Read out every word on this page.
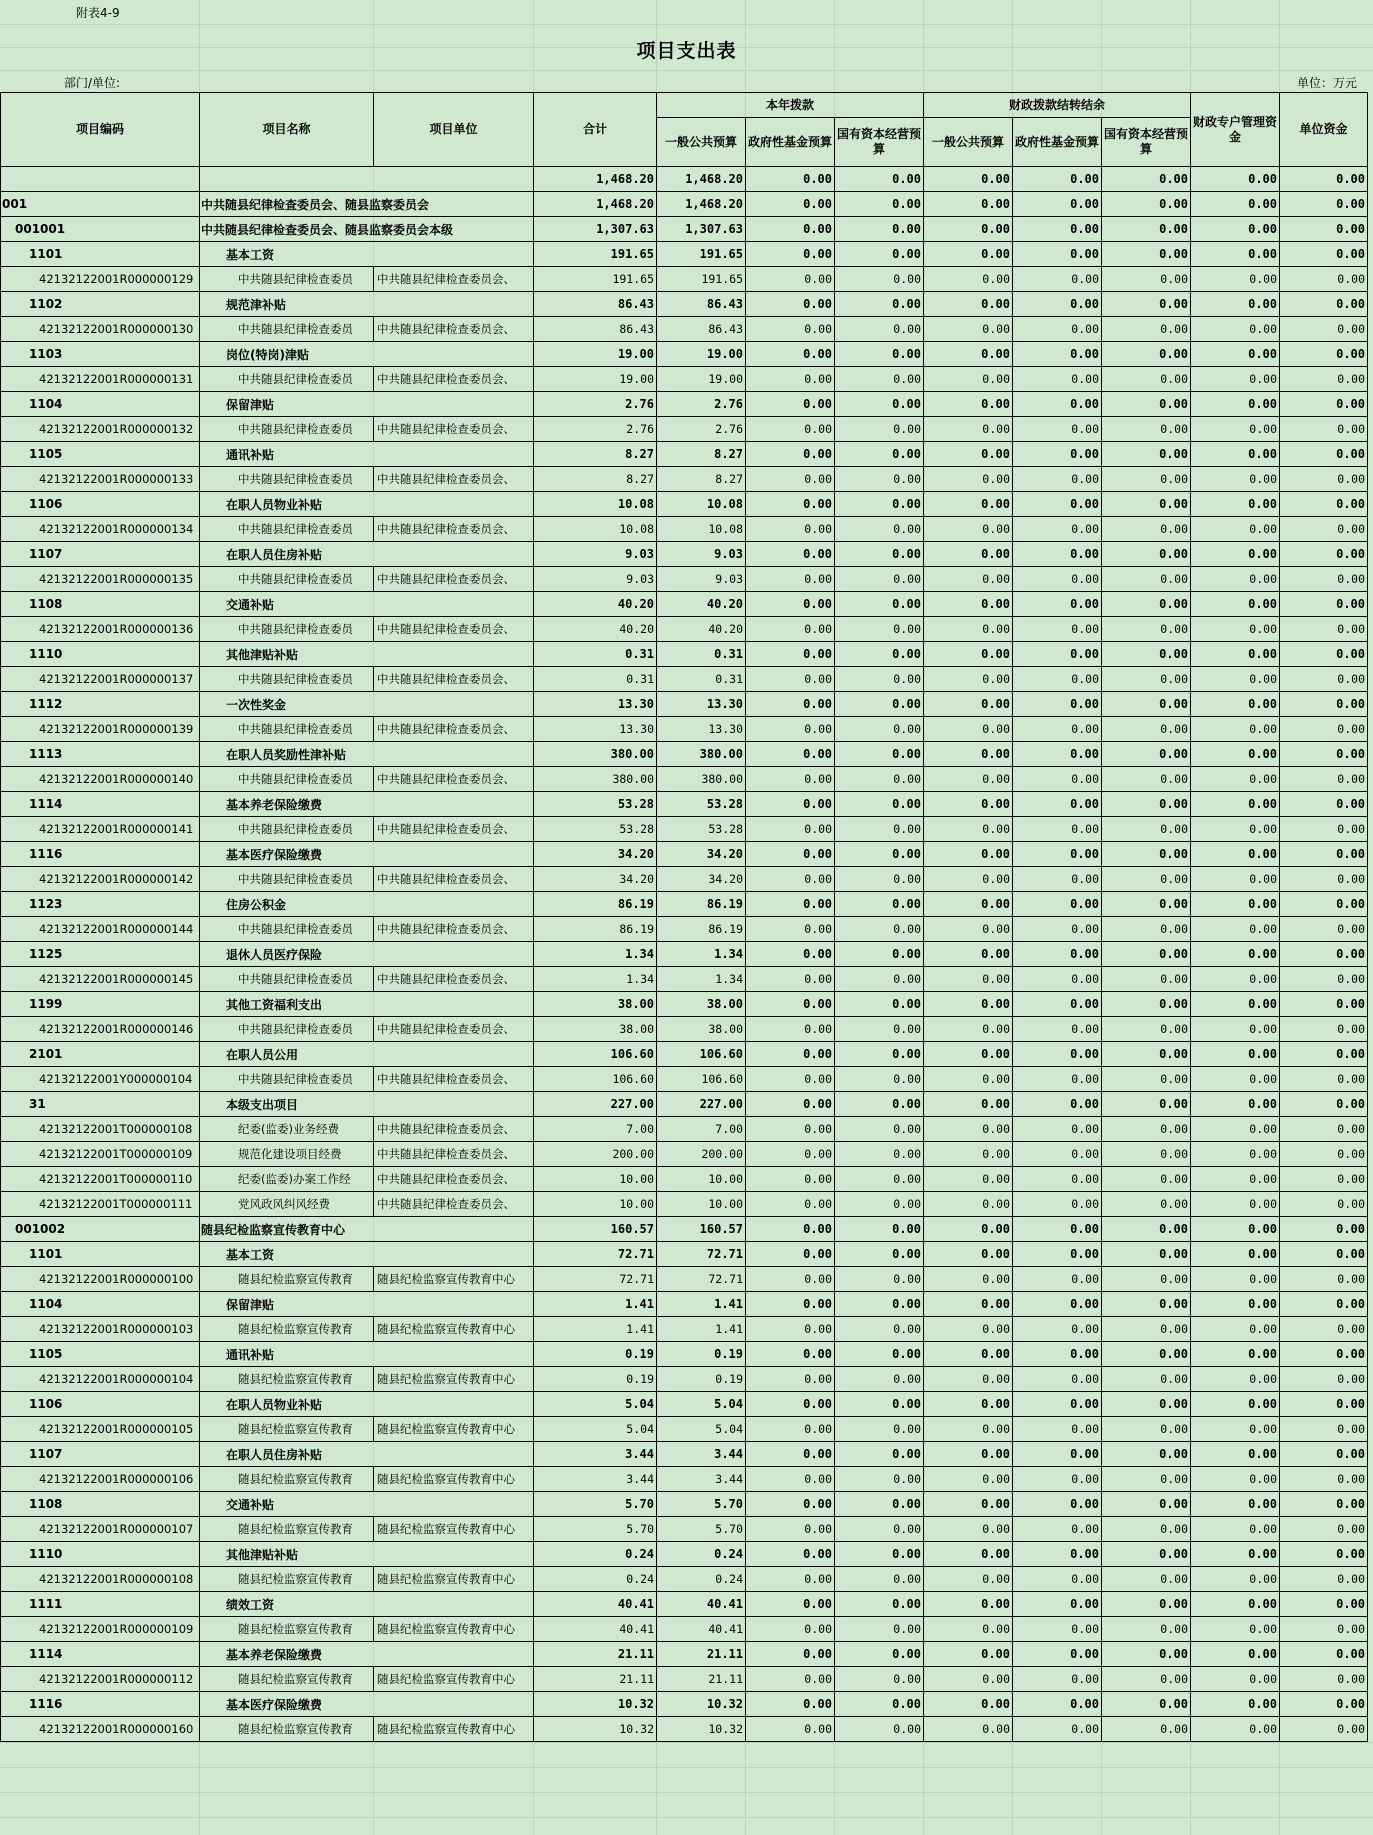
附表4-9
项目支出表
部门/单位:	单位：万元
项目编码	项目名称	项目单位	合计	本年拨款			财政拨款结转结余			财政专户管理资金	单位资金
				一般公共预算	政府性基金预算	国有资本经营预算	一般公共预算	政府性基金预算	国有资本经营预算		
			1,468.20	1,468.20	0.00	0.00	0.00	0.00	0.00	0.00	0.00
001	中共随县纪律检查委员会、随县监察委员会		1,468.20	1,468.20	0.00	0.00	0.00	0.00	0.00	0.00	0.00
001001	中共随县纪律检查委员会、随县监察委员会本级		1,307.63	1,307.63	0.00	0.00	0.00	0.00	0.00	0.00	0.00
1101	基本工资		191.65	191.65	0.00	0.00	0.00	0.00	0.00	0.00	0.00
42132122001R000000129	中共随县纪律检查委员	中共随县纪律检查委员会、	191.65	191.65	0.00	0.00	0.00	0.00	0.00	0.00	0.00
1102	规范津补贴		86.43	86.43	0.00	0.00	0.00	0.00	0.00	0.00	0.00
42132122001R000000130	中共随县纪律检查委员	中共随县纪律检查委员会、	86.43	86.43	0.00	0.00	0.00	0.00	0.00	0.00	0.00
1103	岗位(特岗)津贴		19.00	19.00	0.00	0.00	0.00	0.00	0.00	0.00	0.00
42132122001R000000131	中共随县纪律检查委员	中共随县纪律检查委员会、	19.00	19.00	0.00	0.00	0.00	0.00	0.00	0.00	0.00
1104	保留津贴		2.76	2.76	0.00	0.00	0.00	0.00	0.00	0.00	0.00
42132122001R000000132	中共随县纪律检查委员	中共随县纪律检查委员会、	2.76	2.76	0.00	0.00	0.00	0.00	0.00	0.00	0.00
1105	通讯补贴		8.27	8.27	0.00	0.00	0.00	0.00	0.00	0.00	0.00
42132122001R000000133	中共随县纪律检查委员	中共随县纪律检查委员会、	8.27	8.27	0.00	0.00	0.00	0.00	0.00	0.00	0.00
1106	在职人员物业补贴		10.08	10.08	0.00	0.00	0.00	0.00	0.00	0.00	0.00
42132122001R000000134	中共随县纪律检查委员	中共随县纪律检查委员会、	10.08	10.08	0.00	0.00	0.00	0.00	0.00	0.00	0.00
1107	在职人员住房补贴		9.03	9.03	0.00	0.00	0.00	0.00	0.00	0.00	0.00
42132122001R000000135	中共随县纪律检查委员	中共随县纪律检查委员会、	9.03	9.03	0.00	0.00	0.00	0.00	0.00	0.00	0.00
1108	交通补贴		40.20	40.20	0.00	0.00	0.00	0.00	0.00	0.00	0.00
42132122001R000000136	中共随县纪律检查委员	中共随县纪律检查委员会、	40.20	40.20	0.00	0.00	0.00	0.00	0.00	0.00	0.00
1110	其他津贴补贴		0.31	0.31	0.00	0.00	0.00	0.00	0.00	0.00	0.00
42132122001R000000137	中共随县纪律检查委员	中共随县纪律检查委员会、	0.31	0.31	0.00	0.00	0.00	0.00	0.00	0.00	0.00
1112	一次性奖金		13.30	13.30	0.00	0.00	0.00	0.00	0.00	0.00	0.00
42132122001R000000139	中共随县纪律检查委员	中共随县纪律检查委员会、	13.30	13.30	0.00	0.00	0.00	0.00	0.00	0.00	0.00
1113	在职人员奖励性津补贴		380.00	380.00	0.00	0.00	0.00	0.00	0.00	0.00	0.00
42132122001R000000140	中共随县纪律检查委员	中共随县纪律检查委员会、	380.00	380.00	0.00	0.00	0.00	0.00	0.00	0.00	0.00
1114	基本养老保险缴费		53.28	53.28	0.00	0.00	0.00	0.00	0.00	0.00	0.00
42132122001R000000141	中共随县纪律检查委员	中共随县纪律检查委员会、	53.28	53.28	0.00	0.00	0.00	0.00	0.00	0.00	0.00
1116	基本医疗保险缴费		34.20	34.20	0.00	0.00	0.00	0.00	0.00	0.00	0.00
42132122001R000000142	中共随县纪律检查委员	中共随县纪律检查委员会、	34.20	34.20	0.00	0.00	0.00	0.00	0.00	0.00	0.00
1123	住房公积金		86.19	86.19	0.00	0.00	0.00	0.00	0.00	0.00	0.00
42132122001R000000144	中共随县纪律检查委员	中共随县纪律检查委员会、	86.19	86.19	0.00	0.00	0.00	0.00	0.00	0.00	0.00
1125	退休人员医疗保险		1.34	1.34	0.00	0.00	0.00	0.00	0.00	0.00	0.00
42132122001R000000145	中共随县纪律检查委员	中共随县纪律检查委员会、	1.34	1.34	0.00	0.00	0.00	0.00	0.00	0.00	0.00
1199	其他工资福利支出		38.00	38.00	0.00	0.00	0.00	0.00	0.00	0.00	0.00
42132122001R000000146	中共随县纪律检查委员	中共随县纪律检查委员会、	38.00	38.00	0.00	0.00	0.00	0.00	0.00	0.00	0.00
2101	在职人员公用		106.60	106.60	0.00	0.00	0.00	0.00	0.00	0.00	0.00
42132122001Y000000104	中共随县纪律检查委员	中共随县纪律检查委员会、	106.60	106.60	0.00	0.00	0.00	0.00	0.00	0.00	0.00
31	本级支出项目		227.00	227.00	0.00	0.00	0.00	0.00	0.00	0.00	0.00
42132122001T000000108	纪委(监委)业务经费	中共随县纪律检查委员会、	7.00	7.00	0.00	0.00	0.00	0.00	0.00	0.00	0.00
42132122001T000000109	规范化建设项目经费	中共随县纪律检查委员会、	200.00	200.00	0.00	0.00	0.00	0.00	0.00	0.00	0.00
42132122001T000000110	纪委(监委)办案工作经	中共随县纪律检查委员会、	10.00	10.00	0.00	0.00	0.00	0.00	0.00	0.00	0.00
42132122001T000000111	党风政风纠风经费	中共随县纪律检查委员会、	10.00	10.00	0.00	0.00	0.00	0.00	0.00	0.00	0.00
001002	随县纪检监察宣传教育中心		160.57	160.57	0.00	0.00	0.00	0.00	0.00	0.00	0.00
1101	基本工资		72.71	72.71	0.00	0.00	0.00	0.00	0.00	0.00	0.00
42132122001R000000100	随县纪检监察宣传教育	随县纪检监察宣传教育中心	72.71	72.71	0.00	0.00	0.00	0.00	0.00	0.00	0.00
1104	保留津贴		1.41	1.41	0.00	0.00	0.00	0.00	0.00	0.00	0.00
42132122001R000000103	随县纪检监察宣传教育	随县纪检监察宣传教育中心	1.41	1.41	0.00	0.00	0.00	0.00	0.00	0.00	0.00
1105	通讯补贴		0.19	0.19	0.00	0.00	0.00	0.00	0.00	0.00	0.00
42132122001R000000104	随县纪检监察宣传教育	随县纪检监察宣传教育中心	0.19	0.19	0.00	0.00	0.00	0.00	0.00	0.00	0.00
1106	在职人员物业补贴		5.04	5.04	0.00	0.00	0.00	0.00	0.00	0.00	0.00
42132122001R000000105	随县纪检监察宣传教育	随县纪检监察宣传教育中心	5.04	5.04	0.00	0.00	0.00	0.00	0.00	0.00	0.00
1107	在职人员住房补贴		3.44	3.44	0.00	0.00	0.00	0.00	0.00	0.00	0.00
42132122001R000000106	随县纪检监察宣传教育	随县纪检监察宣传教育中心	3.44	3.44	0.00	0.00	0.00	0.00	0.00	0.00	0.00
1108	交通补贴		5.70	5.70	0.00	0.00	0.00	0.00	0.00	0.00	0.00
42132122001R000000107	随县纪检监察宣传教育	随县纪检监察宣传教育中心	5.70	5.70	0.00	0.00	0.00	0.00	0.00	0.00	0.00
1110	其他津贴补贴		0.24	0.24	0.00	0.00	0.00	0.00	0.00	0.00	0.00
42132122001R000000108	随县纪检监察宣传教育	随县纪检监察宣传教育中心	0.24	0.24	0.00	0.00	0.00	0.00	0.00	0.00	0.00
1111	绩效工资		40.41	40.41	0.00	0.00	0.00	0.00	0.00	0.00	0.00
42132122001R000000109	随县纪检监察宣传教育	随县纪检监察宣传教育中心	40.41	40.41	0.00	0.00	0.00	0.00	0.00	0.00	0.00
1114	基本养老保险缴费		21.11	21.11	0.00	0.00	0.00	0.00	0.00	0.00	0.00
42132122001R000000112	随县纪检监察宣传教育	随县纪检监察宣传教育中心	21.11	21.11	0.00	0.00	0.00	0.00	0.00	0.00	0.00
1116	基本医疗保险缴费		10.32	10.32	0.00	0.00	0.00	0.00	0.00	0.00	0.00
42132122001R000000160	随县纪检监察宣传教育	随县纪检监察宣传教育中心	10.32	10.32	0.00	0.00	0.00	0.00	0.00	0.00	0.00
